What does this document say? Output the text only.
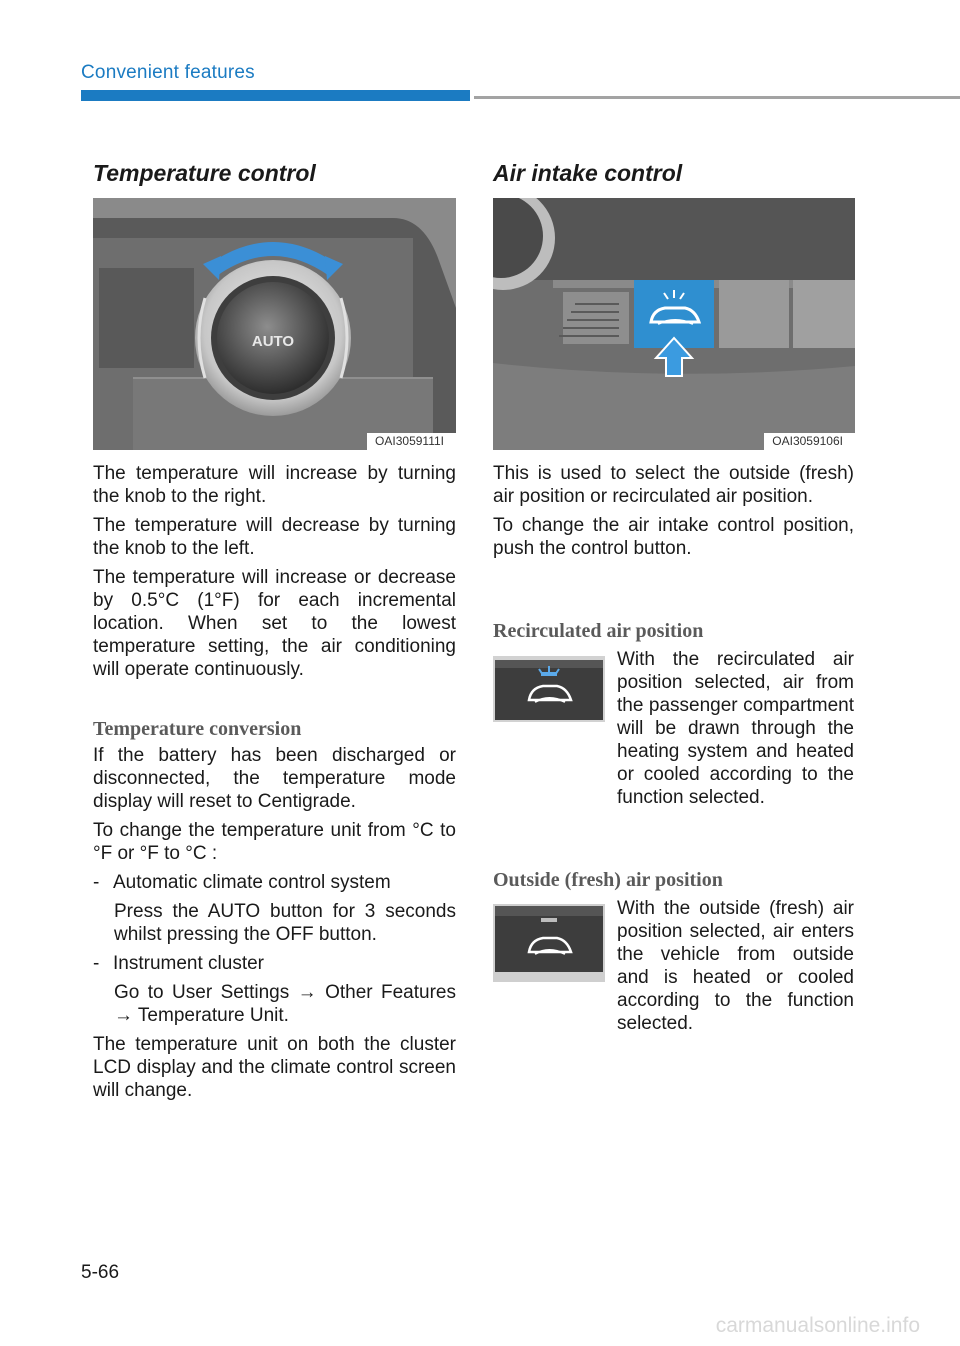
Convenient features
Temperature control
AUTO
OAI3059111I

The temperature will increase by turning the knob to the right.

The temperature will decrease by turning the knob to the left.

The temperature will increase or decrease by 0.5°C (1°F) for each incremental location. When set to the lowest temperature setting, the air conditioning will operate continuously.

Temperature conversion

If the battery has been discharged or disconnected, the temperature mode display will reset to Centigrade.

To change the temperature unit from °C to °F or °F to °C :

- Automatic climate control system

Press the AUTO button for 3 seconds whilst pressing the OFF button.

- Instrument cluster

Go to User Settings → Other Features → Temperature Unit.

The temperature unit on both the cluster LCD display and the climate control screen will change.

Air intake control
OAI3059106I

This is used to select the outside (fresh) air position or recirculated air position.

To change the air intake control position, push the control button.

Recirculated air position

With the recirculated air position selected, air from the passenger compartment will be drawn through the heating system and heated or cooled according to the function selected.

Outside (fresh) air position

With the outside (fresh) air position selected, air enters the vehicle from outside and is heated or cooled according to the function selected.

5-66
carmanualsonline.info
